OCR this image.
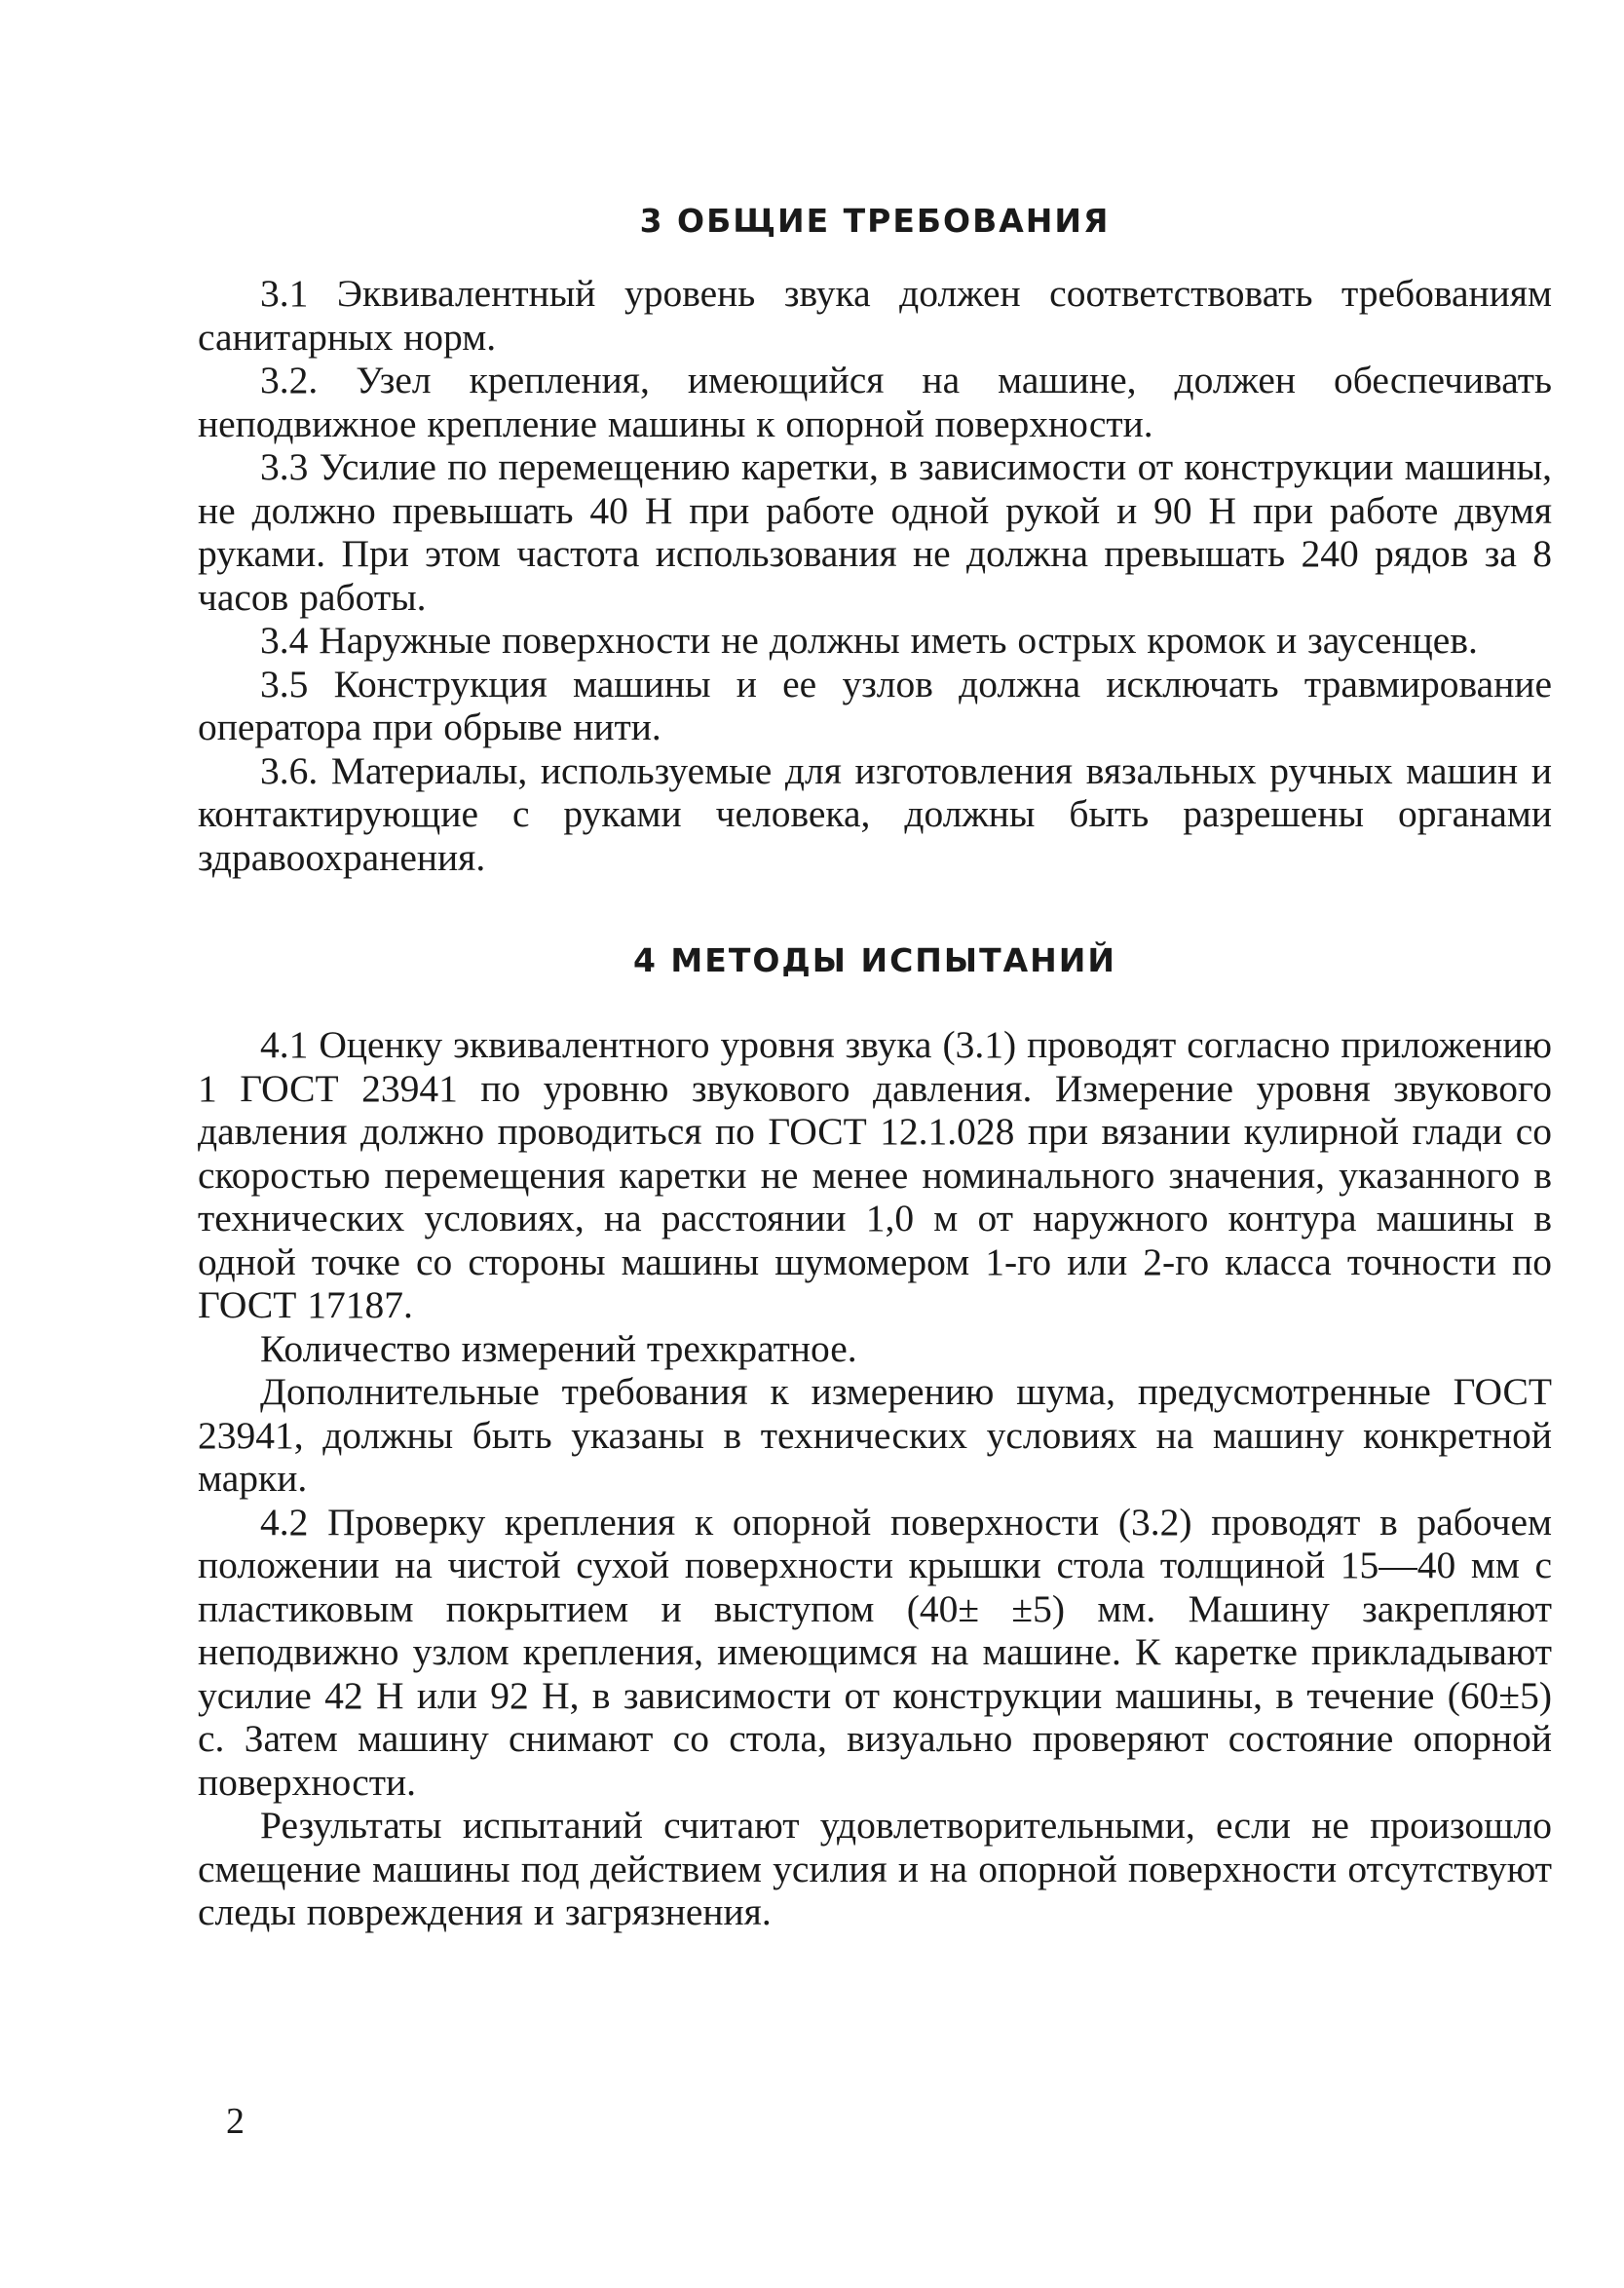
3 ОБЩИЕ ТРЕБОВАНИЯ

3.1 Эквивалентный уровень звука должен соответствовать требованиям санитарных норм.

3.2. Узел крепления, имеющийся на машине, должен обеспечивать неподвижное крепление машины к опорной поверхности.

3.3 Усилие по перемещению каретки, в зависимости от конструкции машины, не должно превышать 40 Н при работе одной рукой и 90 Н при работе двумя руками. При этом частота использования не должна превышать 240 рядов за 8 часов работы.

3.4 Наружные поверхности не должны иметь острых кромок и заусенцев.

3.5 Конструкция машины и ее узлов должна исключать травмирование оператора при обрыве нити.

3.6. Материалы, используемые для изготовления вязальных ручных машин и контактирующие с руками человека, должны быть разрешены органами здравоохранения.

4 МЕТОДЫ ИСПЫТАНИЙ

4.1 Оценку эквивалентного уровня звука (3.1) проводят согласно приложению 1 ГОСТ 23941 по уровню звукового давления. Измерение уровня звукового давления должно проводиться по ГОСТ 12.1.028 при вязании кулирной глади со скоростью перемещения каретки не менее номинального значения, указанного в технических условиях, на расстоянии 1,0 м от наружного контура машины в одной точке со стороны машины шумомером 1-го или 2-го класса точности по ГОСТ 17187.

Количество измерений трехкратное.

Дополнительные требования к измерению шума, предусмотренные ГОСТ 23941, должны быть указаны в технических условиях на машину конкретной марки.

4.2 Проверку крепления к опорной поверхности (3.2) проводят в рабочем положении на чистой сухой поверхности крышки стола толщиной 15—40 мм с пластиковым покрытием и выступом (40± ±5) мм. Машину закрепляют неподвижно узлом крепления, имеющимся на машине. К каретке прикладывают усилие 42 Н или 92 Н, в зависимости от конструкции машины, в течение (60±5) с. Затем машину снимают со стола, визуально проверяют состояние опорной поверхности.

Результаты испытаний считают удовлетворительными, если не произошло смещение машины под действием усилия и на опорной поверхности отсутствуют следы повреждения и загрязнения.

2
